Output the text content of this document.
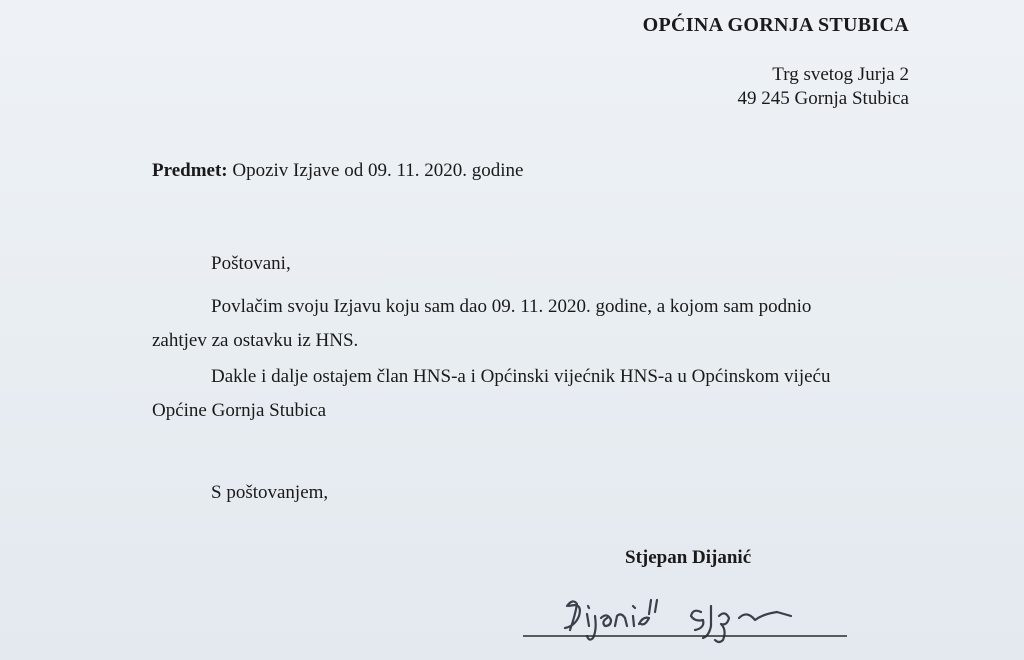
OPĆINA GORNJA STUBICA
Trg svetog Jurja 2
49 245 Gornja Stubica
Predmet: Opoziv Izjave od 09. 11. 2020. godine
Poštovani,
Povlačim svoju Izjavu koju sam dao 09. 11. 2020. godine, a kojom sam podnio
zahtjev za ostavku iz HNS.
Dakle i dalje ostajem član HNS-a i Općinski vijećnik HNS-a u Općinskom vijeću
Općine Gornja Stubica
S poštovanjem,
Stjepan Dijanić
